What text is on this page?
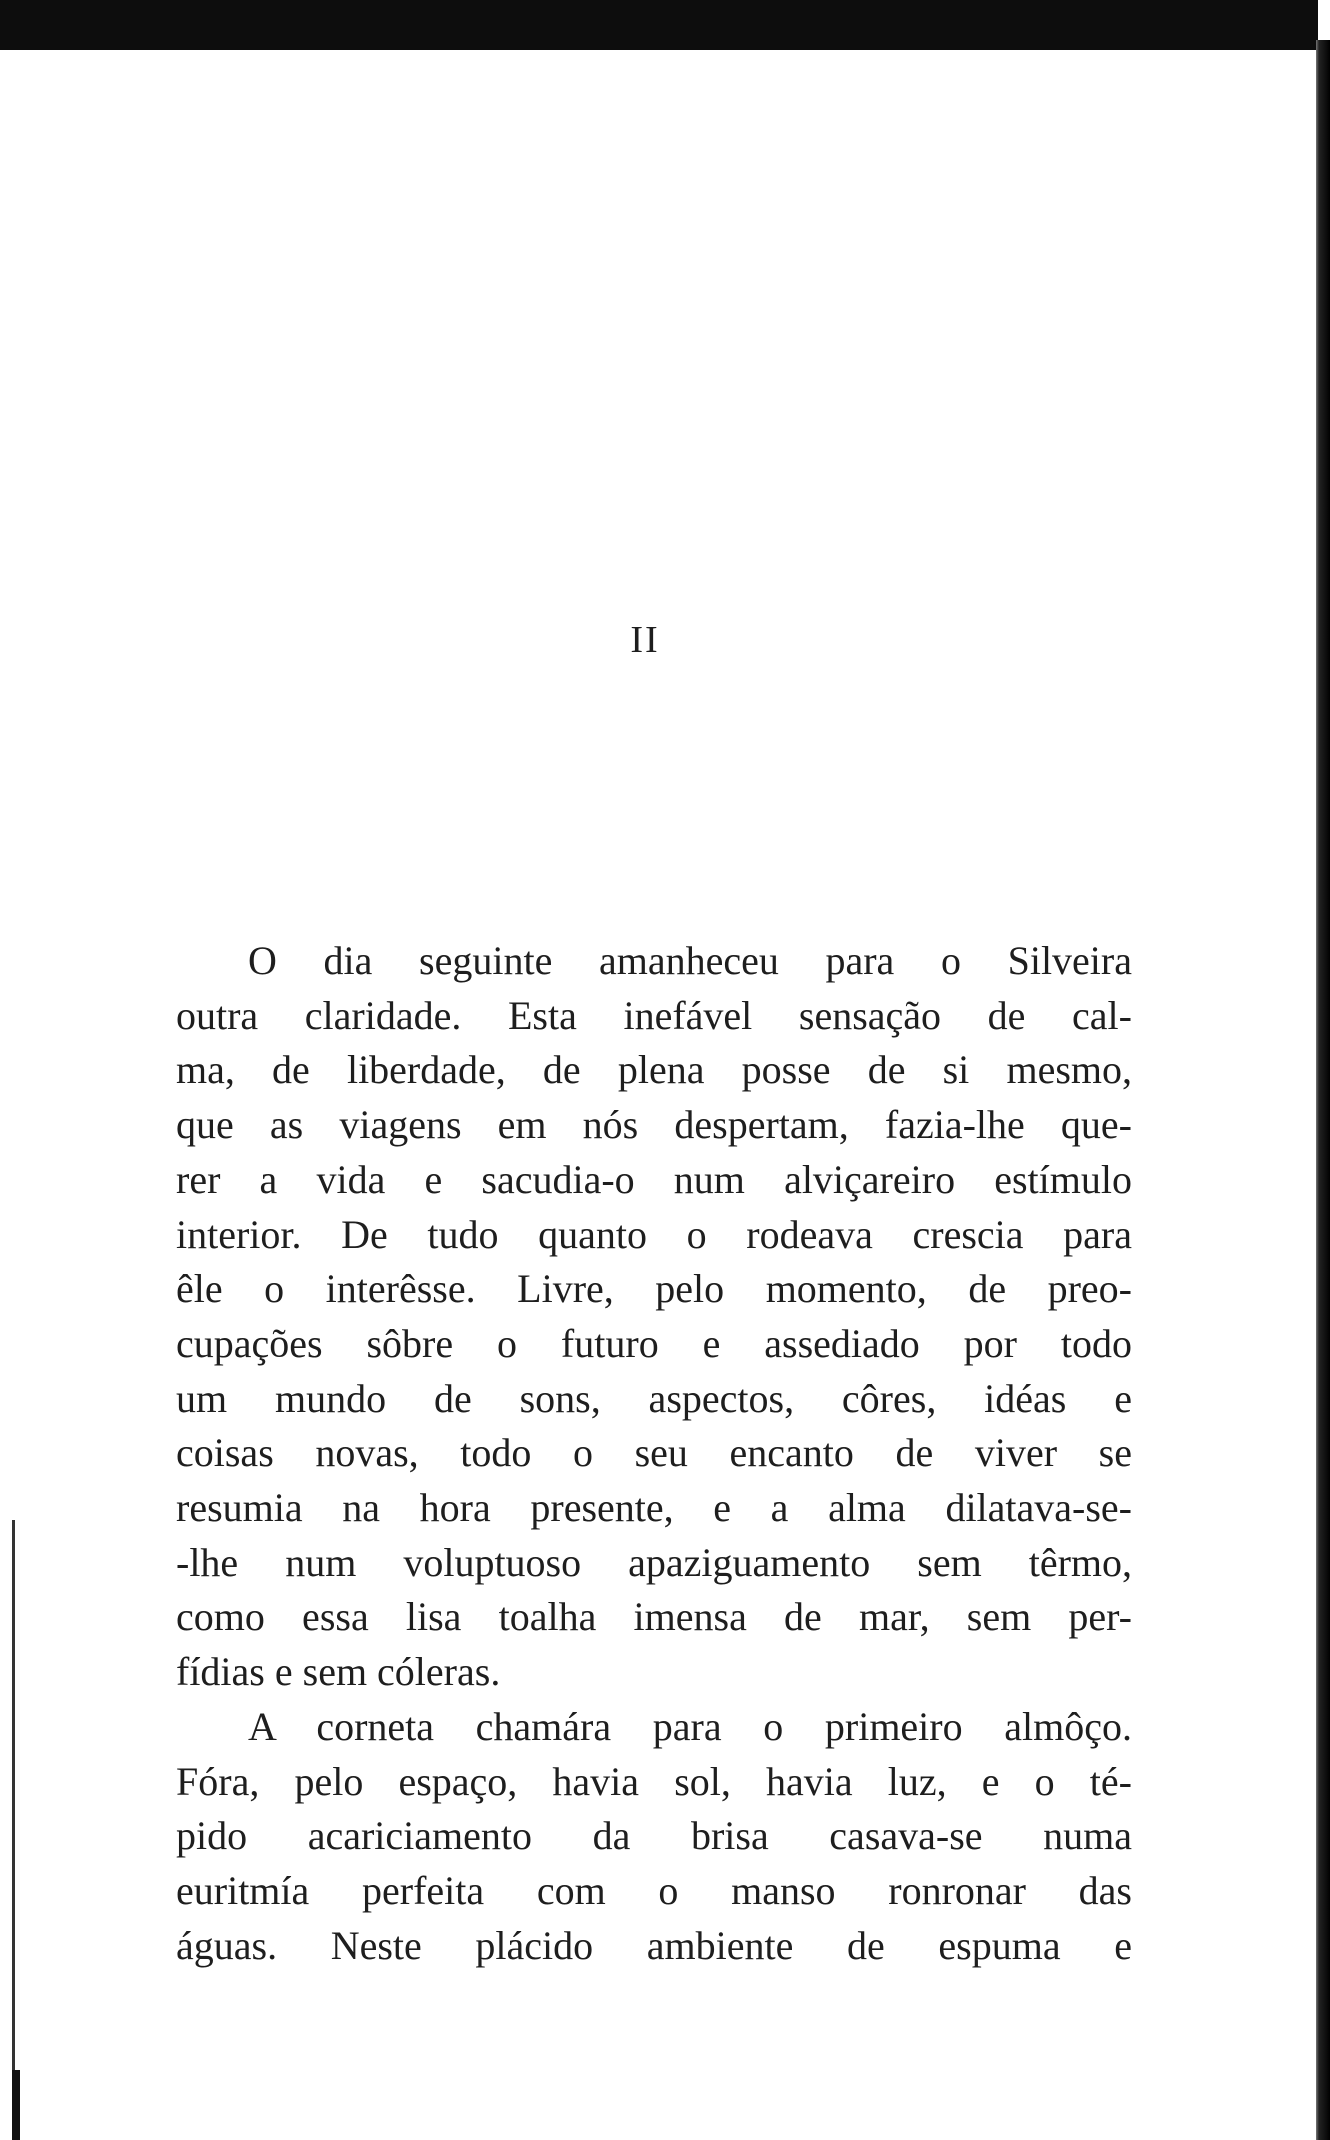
II
O dia seguinte amanheceu para o Silveira
outra claridade. Esta inefável sensação de cal-
ma, de liberdade, de plena posse de si mesmo,
que as viagens em nós despertam, fazia-lhe que-
rer a vida e sacudia-o num alviçareiro estímulo
interior. De tudo quanto o rodeava crescia para
êle o interêsse. Livre, pelo momento, de preo-
cupações sôbre o futuro e assediado por todo
um mundo de sons, aspectos, côres, idéas e
coisas novas, todo o seu encanto de viver se
resumia na hora presente, e a alma dilatava-se-
-lhe num voluptuoso apaziguamento sem têrmo,
como essa lisa toalha imensa de mar, sem per-
fídias e sem cóleras.
A corneta chamára para o primeiro almôço.
Fóra, pelo espaço, havia sol, havia luz, e o té-
pido acariciamento da brisa casava-se numa
euritmía perfeita com o manso ronronar das
águas. Neste plácido ambiente de espuma e
